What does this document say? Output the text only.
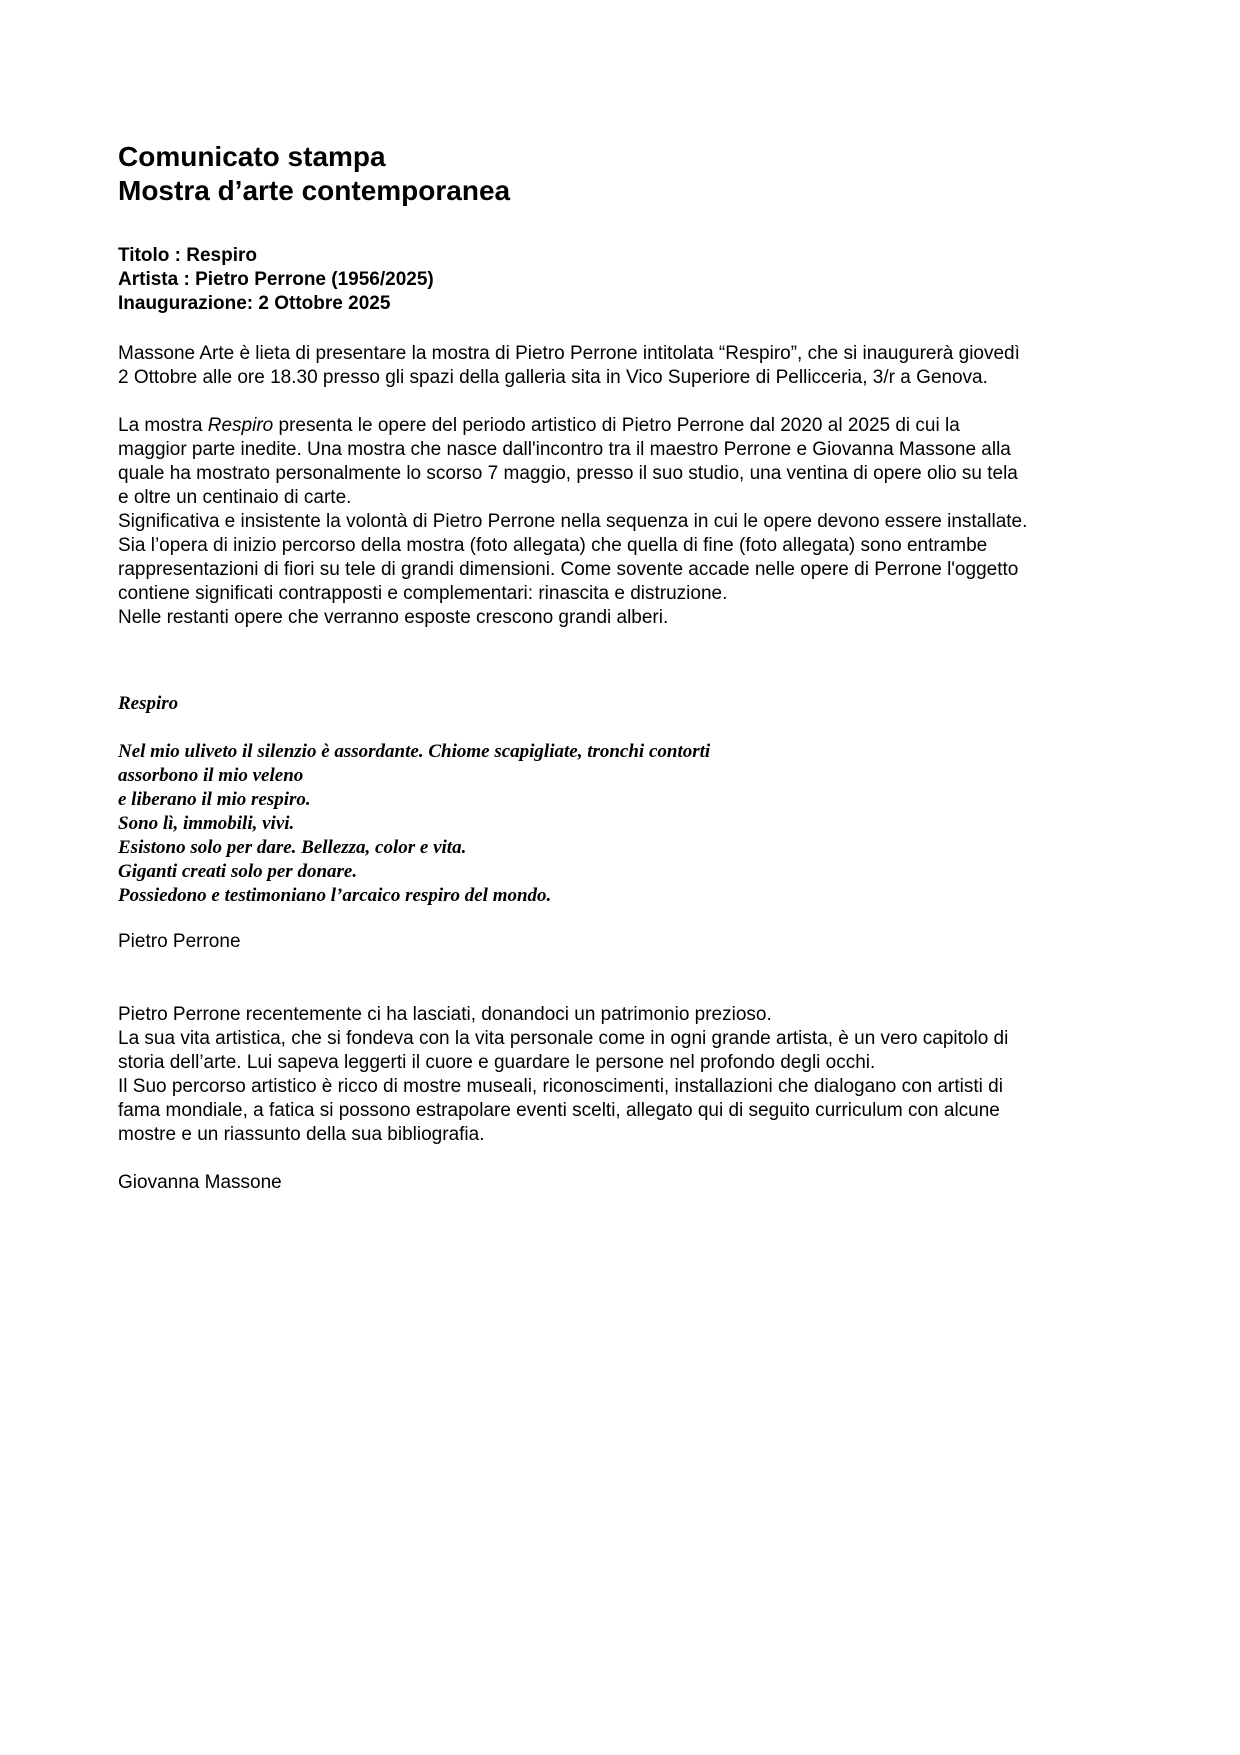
Comunicato stampa
Mostra d’arte contemporanea
Titolo : Respiro
Artista : Pietro Perrone (1956/2025)
Inaugurazione: 2 Ottobre 2025
Massone Arte è lieta di presentare la mostra di Pietro Perrone intitolata “Respiro”, che si inaugurerà giovedì
2 Ottobre alle ore 18.30 presso gli spazi della galleria sita in Vico Superiore di Pellicceria, 3/r a Genova.
La mostra Respiro presenta le opere del periodo artistico di Pietro Perrone dal 2020 al 2025 di cui la
maggior parte inedite. Una mostra che nasce dall'incontro tra il maestro Perrone e Giovanna Massone alla
quale ha mostrato personalmente lo scorso 7 maggio, presso il suo studio, una ventina di opere olio su tela
e oltre un centinaio di carte.
Significativa e insistente la volontà di Pietro Perrone nella sequenza in cui le opere devono essere installate.
Sia l’opera di inizio percorso della mostra (foto allegata) che quella di fine (foto allegata) sono entrambe
rappresentazioni di fiori su tele di grandi dimensioni. Come sovente accade nelle opere di Perrone l'oggetto
contiene significati contrapposti e complementari: rinascita e distruzione.
Nelle restanti opere che verranno esposte crescono grandi alberi.
Respiro
Nel mio uliveto il silenzio è assordante. Chiome scapigliate, tronchi contorti
assorbono il mio veleno
e liberano il mio respiro.
Sono lì, immobili, vivi.
Esistono solo per dare. Bellezza, color e vita.
Giganti creati solo per donare.
Possiedono e testimoniano l’arcaico respiro del mondo.
Pietro Perrone
Pietro Perrone recentemente ci ha lasciati, donandoci un patrimonio prezioso.
La sua vita artistica, che si fondeva con la vita personale come in ogni grande artista, è un vero capitolo di
storia dell’arte. Lui sapeva leggerti il cuore e guardare le persone nel profondo degli occhi.
Il Suo percorso artistico è ricco di mostre museali, riconoscimenti, installazioni che dialogano con artisti di
fama mondiale, a fatica si possono estrapolare eventi scelti, allegato qui di seguito curriculum con alcune
mostre e un riassunto della sua bibliografia.
Giovanna Massone
